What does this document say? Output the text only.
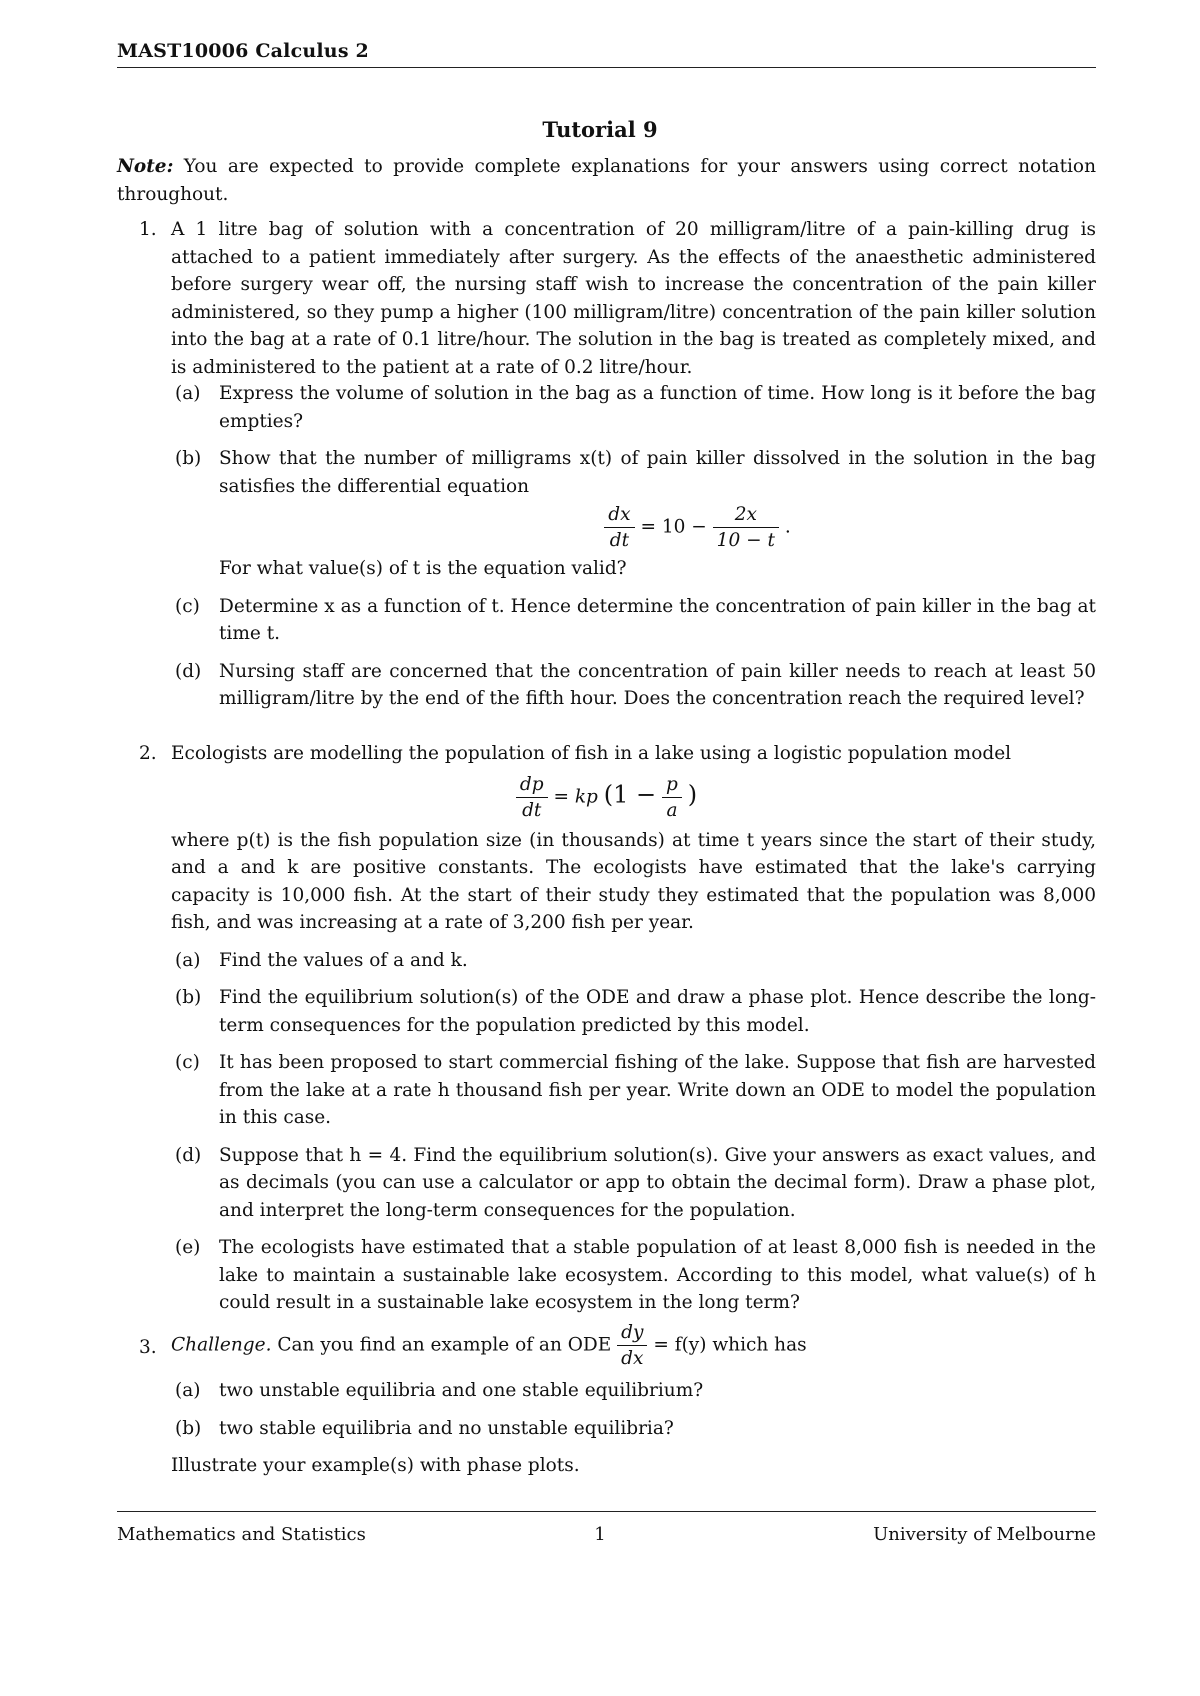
MAST10006 Calculus 2
Tutorial 9
Note: You are expected to provide complete explanations for your answers using correct notation throughout.
1. A 1 litre bag of solution with a concentration of 20 milligram/litre of a pain-killing drug is attached to a patient immediately after surgery. As the effects of the anaesthetic administered before surgery wear off, the nursing staff wish to increase the concentration of the pain killer administered, so they pump a higher (100 milligram/litre) concentration of the pain killer solution into the bag at a rate of 0.1 litre/hour. The solution in the bag is treated as completely mixed, and is administered to the patient at a rate of 0.2 litre/hour.
(a) Express the volume of solution in the bag as a function of time. How long is it before the bag empties?
(b) Show that the number of milligrams x(t) of pain killer dissolved in the solution in the bag satisfies the differential equation
$\frac{dx}{dt} = 10 - \frac{2x}{10 - t}$ .
For what value(s) of t is the equation valid?
(c) Determine x as a function of t. Hence determine the concentration of pain killer in the bag at time t.
(d) Nursing staff are concerned that the concentration of pain killer needs to reach at least 50 milligram/litre by the end of the fifth hour. Does the concentration reach the required level?
2. Ecologists are modelling the population of fish in a lake using a logistic population model
$\frac{dp}{dt}$ = kp ($1 - \frac{p}{a}$ )
where p(t) is the fish population size (in thousands) at time t years since the start of their study, and a and k are positive constants. The ecologists have estimated that the lake's carrying capacity is 10,000 fish. At the start of their study they estimated that the population was 8,000 fish, and was increasing at a rate of 3,200 fish per year.
(a) Find the values of a and k.
(b) Find the equilibrium solution(s) of the ODE and draw a phase plot. Hence describe the long-term consequences for the population predicted by this model.
(c) It has been proposed to start commercial fishing of the lake. Suppose that fish are harvested from the lake at a rate h thousand fish per year. Write down an ODE to model the population in this case.
(d) Suppose that h = 4. Find the equilibrium solution(s). Give your answers as exact values, and as decimals (you can use a calculator or app to obtain the decimal form). Draw a phase plot, and interpret the long-term consequences for the population.
(e) The ecologists have estimated that a stable population of at least 8,000 fish is needed in the lake to maintain a sustainable lake ecosystem. According to this model, what value(s) of h could result in a sustainable lake ecosystem in the long term?
3. Challenge. Can you find an example of an ODE $\frac{dy}{dx} = f(y)$ which has
(a) two unstable equilibria and one stable equilibrium?
(b) two stable equilibria and no unstable equilibria?
Illustrate your example(s) with phase plots.
Mathematics and Statistics	1	University of Melbourne
